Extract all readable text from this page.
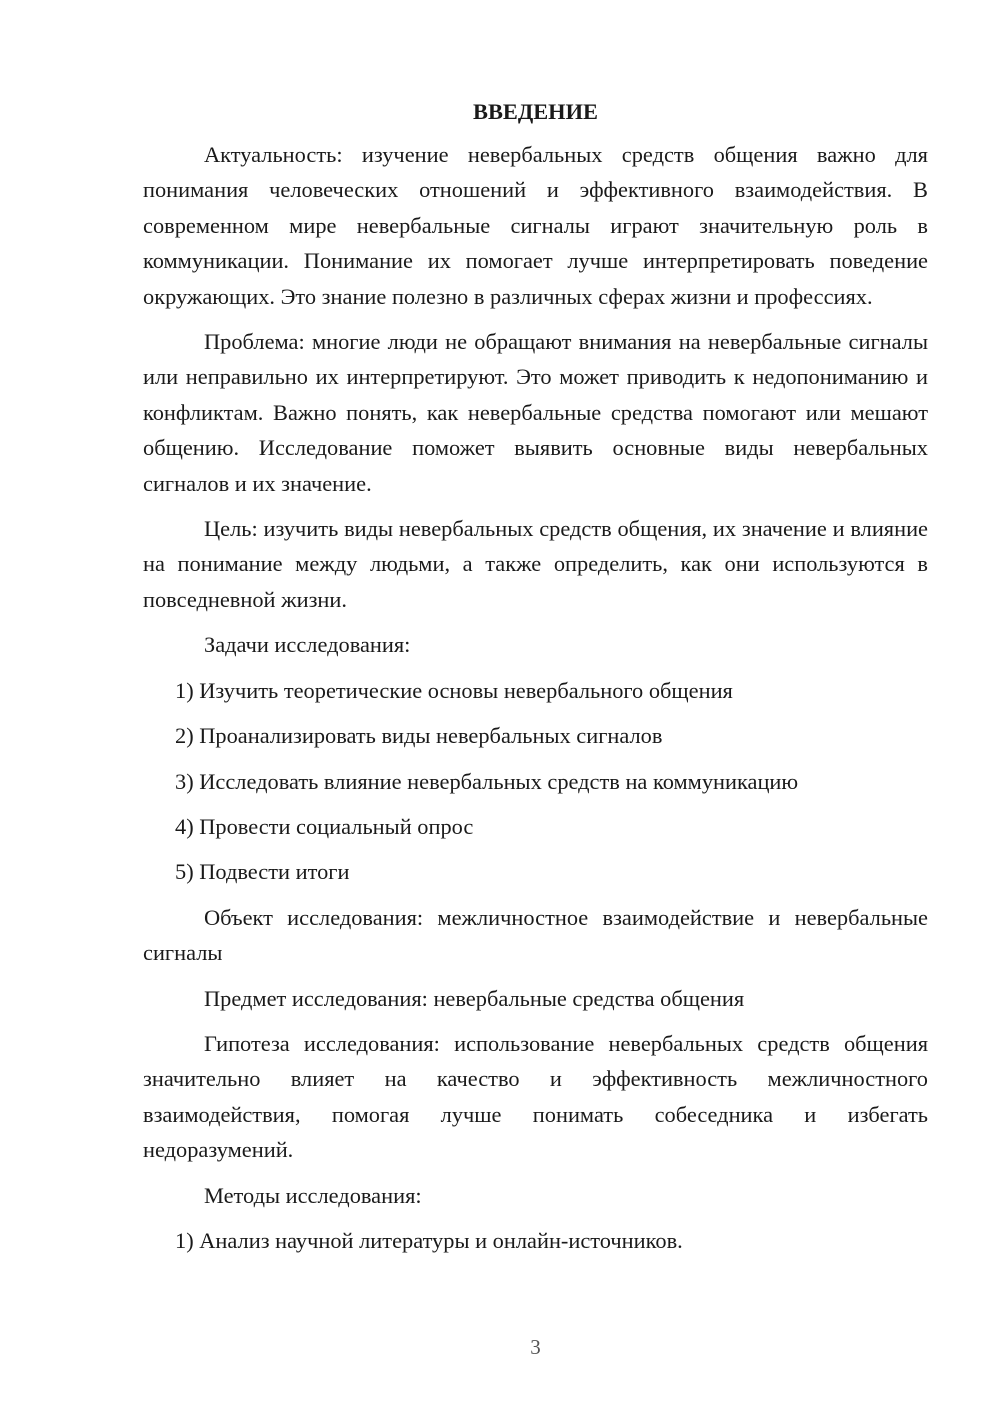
ВВЕДЕНИЕ

Актуальность: изучение невербальных средств общения важно для понимания человеческих отношений и эффективного взаимодействия. В современном мире невербальные сигналы играют значительную роль в коммуникации. Понимание их помогает лучше интерпретировать поведение окружающих. Это знание полезно в различных сферах жизни и профессиях.

Проблема: многие люди не обращают внимания на невербальные сигналы или неправильно их интерпретируют. Это может приводить к недопониманию и конфликтам. Важно понять, как невербальные средства помогают или мешают общению. Исследование поможет выявить основные виды невербальных сигналов и их значение.

Цель: изучить виды невербальных средств общения, их значение и влияние на понимание между людьми, а также определить, как они используются в повседневной жизни.

Задачи исследования:

1) Изучить теоретические основы невербального общения

2) Проанализировать виды невербальных сигналов

3) Исследовать влияние невербальных средств на коммуникацию

4) Провести социальный опрос

5) Подвести итоги

Объект исследования: межличностное взаимодействие и невербальные сигналы

Предмет исследования: невербальные средства общения

Гипотеза исследования: использование невербальных средств общения значительно влияет на качество и эффективность межличностного взаимодействия, помогая лучше понимать собеседника и избегать недоразумений.

Методы исследования:

1) Анализ научной литературы и онлайн-источников.

3
